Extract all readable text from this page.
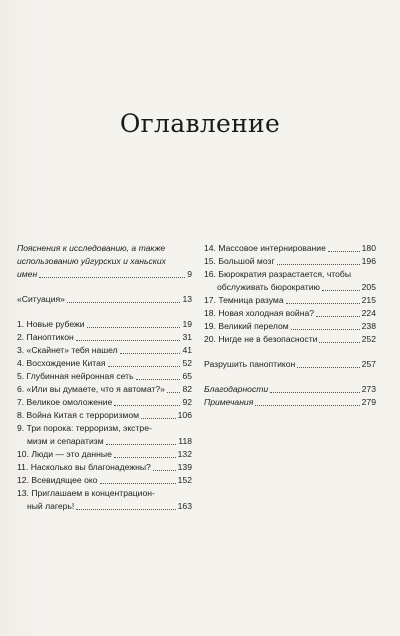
Оглавление
Пояснения к исследованию, а также
использованию уйгурских и ханьских
имен	9
«Ситуация»	13
1. Новые рубежи	19
2. Паноптикон	31
3. «Скайнет» тебя нашел	41
4. Восхождение Китая	52
5. Глубинная нейронная сеть	65
6. «Или вы думаете, что я автомат?» 82
7. Великое омоложение	92
8. Война Китая с терроризмом	106
9. Три порока: терроризм, экстре-
мизм и сепаратизм	118
10. Люди — это данные	132
11. Насколько вы благонадежны?	139
12. Всевидящее око	152
13. Приглашаем в концентрацион-
ный лагерь!	163
14. Массовое интернирование	180
15. Большой мозг	196
16. Бюрократия разрастается, чтобы
обслуживать бюрократию	205
17. Темница разума	215
18. Новая холодная война?	224
19. Великий перелом	238
20. Нигде не в безопасности	252
Разрушить паноптикон	257
Благодарности	273
Примечания	279
